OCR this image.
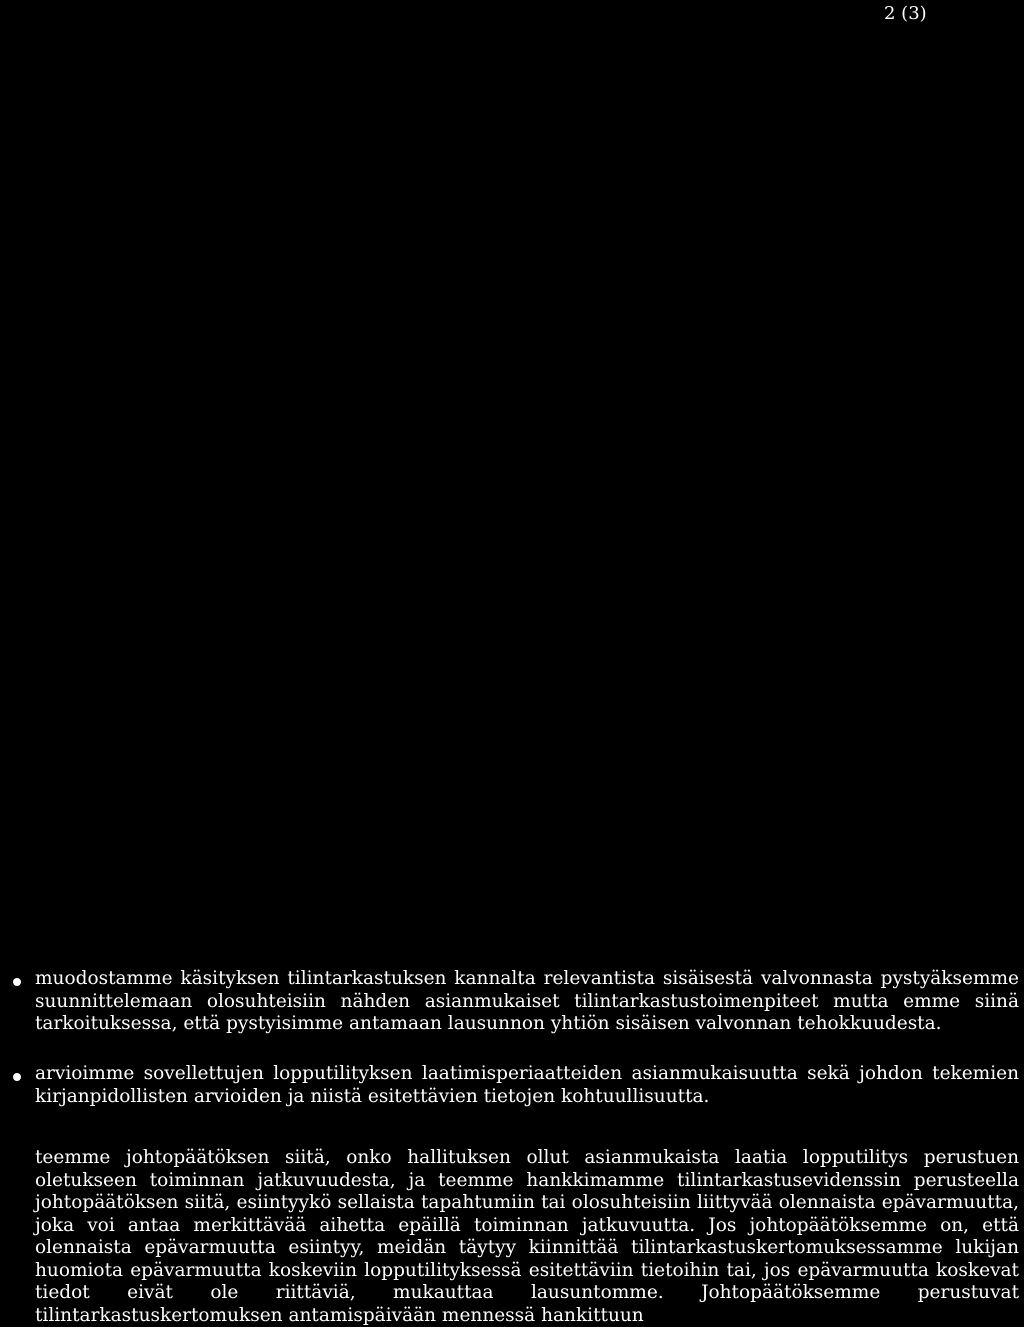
2 (3)

muodostamme käsityksen tilintarkastuksen kannalta relevantista sisäisestä valvonnasta pystyäksemme suunnittelemaan olosuhteisiin nähden asianmukaiset tilintarkastustoimenpiteet mutta emme siinä tarkoituksessa, että pystyisimme antamaan lausunnon yhtiön sisäisen valvonnan tehokkuudesta.

arvioimme sovellettujen lopputilityksen laatimisperiaatteiden asianmukaisuutta sekä johdon tekemien kirjanpidollisten arvioiden ja niistä esitettävien tietojen kohtuullisuutta.

teemme johtopäätöksen siitä, onko hallituksen ollut asianmukaista laatia lopputilitys perustuen oletukseen toiminnan jatkuvuudesta, ja teemme hankkimamme tilintarkastusevidenssin perusteella johtopäätöksen siitä, esiintyykö sellaista tapahtumiin tai olosuhteisiin liittyvää olennaista epävarmuutta, joka voi antaa merkittävää aihetta epäillä toiminnan jatkuvuutta. Jos johtopäätöksemme on, että olennaista epävarmuutta esiintyy, meidän täytyy kiinnittää tilintarkastuskertomuksessamme lukijan huomiota epävarmuutta koskeviin lopputilityksessä esitettäviin tietoihin tai, jos epävarmuutta koskevat tiedot eivät ole riittäviä, mukauttaa lausuntomme. Johtopäätöksemme perustuvat tilintarkastuskertomuksen antamispäivään mennessä hankittuun
